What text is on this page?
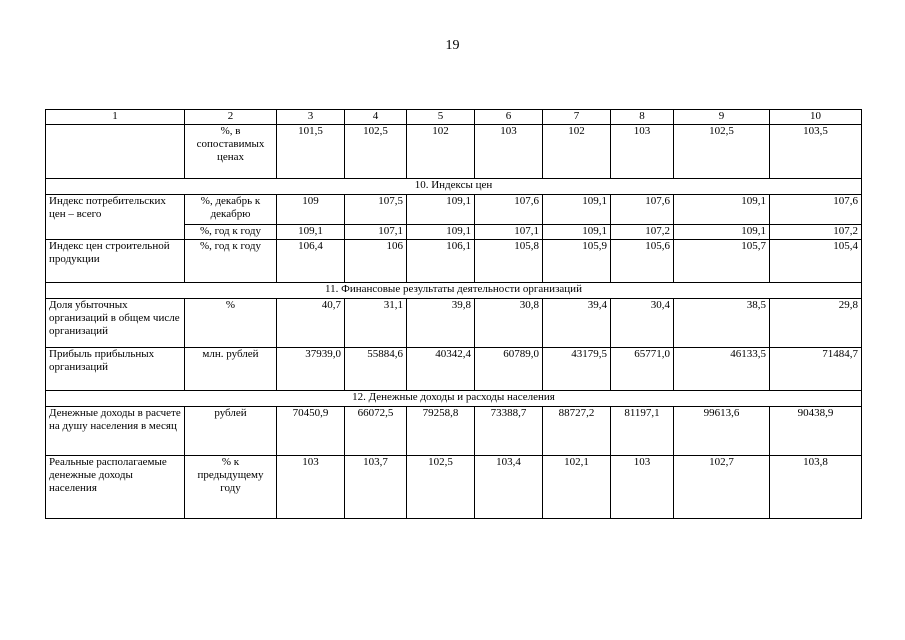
19
1	2	3	4	5	6	7	8	9	10
	%, в сопоставимых ценах	101,5	102,5	102	103	102	103	102,5	103,5
10. Индексы цен									
Индекс потребительских цен – всего	%, декабрь к декабрю	109	107,5	109,1	107,6	109,1	107,6	109,1	107,6
	%, год к году	109,1	107,1	109,1	107,1	109,1	107,2	109,1	107,2
Индекс цен строительной продукции	%, год к году	106,4	106	106,1	105,8	105,9	105,6	105,7	105,4
11. Финансовые результаты деятельности организаций									
Доля убыточных организаций в общем числе организаций	%	40,7	31,1	39,8	30,8	39,4	30,4	38,5	29,8
Прибыль прибыльных организаций	млн. рублей	37939,0	55884,6	40342,4	60789,0	43179,5	65771,0	46133,5	71484,7
12. Денежные доходы и расходы населения									
Денежные доходы в расчете на душу населения в месяц	рублей	70450,9	66072,5	79258,8	73388,7	88727,2	81197,1	99613,6	90438,9
Реальные располагаемые денежные доходы населения	% к предыдущему году	103	103,7	102,5	103,4	102,1	103	102,7	103,8
